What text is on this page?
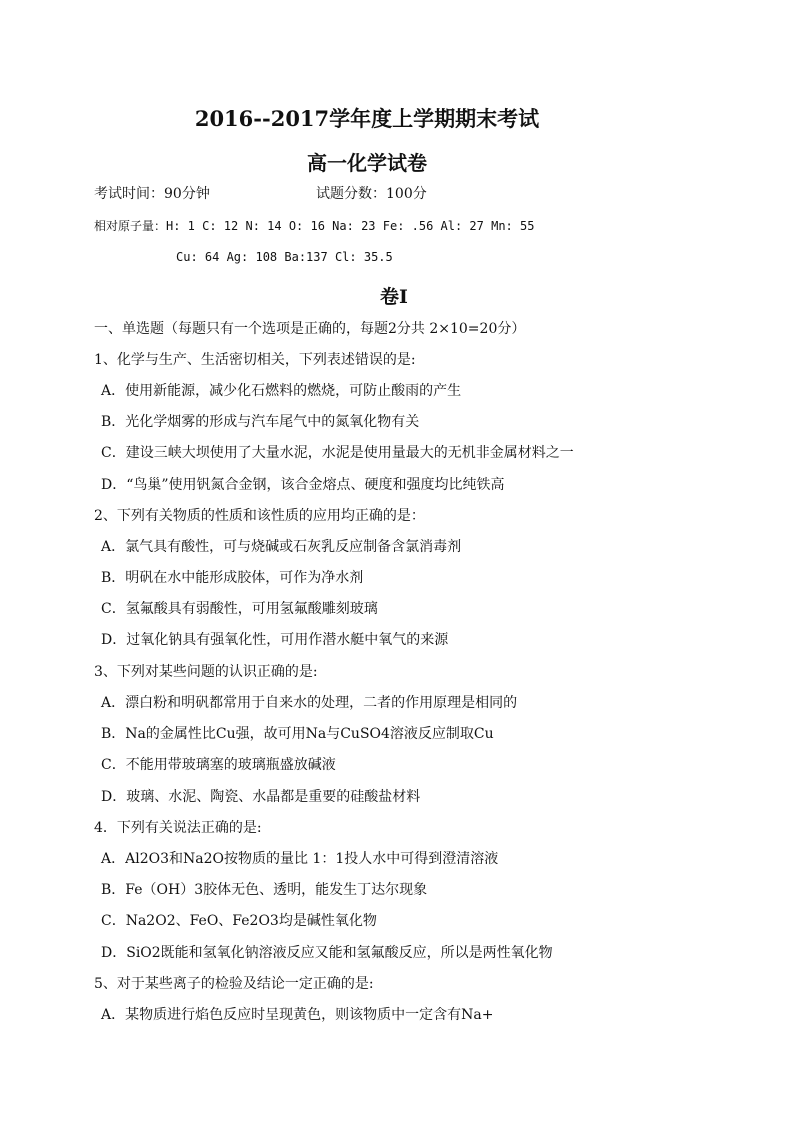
2016--2017学年度上学期期末考试
高一化学试卷
考试时间：90分钟	试题分数：100分
相对原子量：H: 1 C: 12 N: 14 O: 16 Na: 23 Fe: .56 Al: 27 Mn: 55
Cu: 64 Ag: 108 Ba:137 Cl: 35.5
卷Ⅰ
一、单选题（每题只有一个选项是正确的，每题2分共 2×10=20分）
1、化学与生产、生活密切相关，下列表述错误的是:
A．使用新能源，减少化石燃料的燃烧，可防止酸雨的产生
B．光化学烟雾的形成与汽车尾气中的氮氧化物有关
C．建设三峡大坝使用了大量水泥，水泥是使用量最大的无机非金属材料之一
D．“鸟巢”使用钒氮合金钢，该合金熔点、硬度和强度均比纯铁高
2、下列有关物质的性质和该性质的应用均正确的是：
A．氯气具有酸性，可与烧碱或石灰乳反应制备含氯消毒剂
B．明矾在水中能形成胶体，可作为净水剂
C．氢氟酸具有弱酸性，可用氢氟酸雕刻玻璃
D．过氧化钠具有强氧化性，可用作潜水艇中氧气的来源
3、下列对某些问题的认识正确的是:
A．漂白粉和明矾都常用于自来水的处理，二者的作用原理是相同的
B．Na的金属性比Cu强，故可用Na与CuSO4溶液反应制取Cu
C．不能用带玻璃塞的玻璃瓶盛放碱液
D．玻璃、水泥、陶瓷、水晶都是重要的硅酸盐材料
4．下列有关说法正确的是:
A．Al2O3和Na2O按物质的量比 1：1投人水中可得到澄清溶液
B．Fe（OH）3胶体无色、透明，能发生丁达尔现象
C．Na2O2、FeO、Fe2O3均是碱性氧化物
D．SiO2既能和氢氧化钠溶液反应又能和氢氟酸反应，所以是两性氧化物
5、对于某些离子的检验及结论一定正确的是:
A．某物质进行焰色反应时呈现黄色，则该物质中一定含有Na+
